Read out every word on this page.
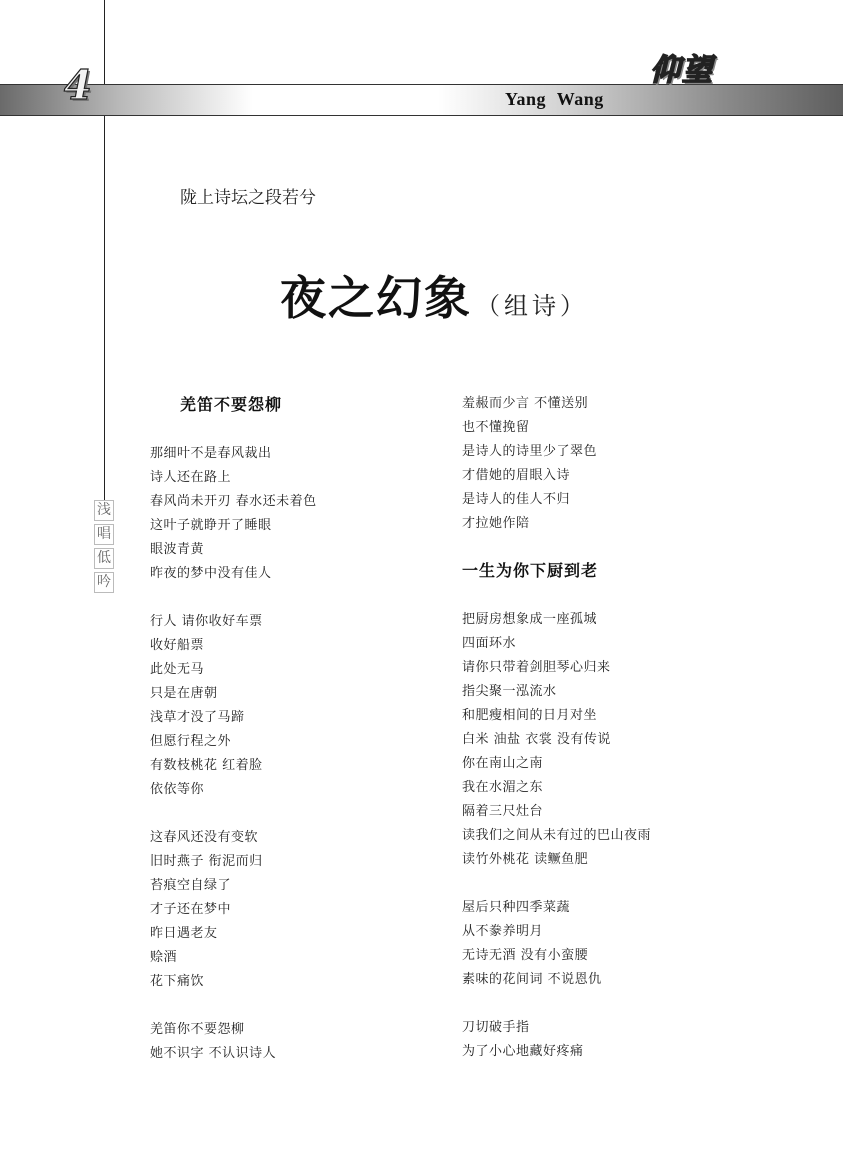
4	Yang Wang
仰望
陇上诗坛之段若兮
夜之幻象 （组诗）
浅
唱
低
吟
羌笛不要怨柳
那细叶不是春风裁出
诗人还在路上
春风尚未开刃 春水还未着色
这叶子就睁开了睡眼
眼波青黄
昨夜的梦中没有佳人
行人 请你收好车票
收好船票
此处无马
只是在唐朝
浅草才没了马蹄
但愿行程之外
有数枝桃花 红着脸
依依等你
这春风还没有变软
旧时燕子 衔泥而归
苔痕空自绿了
才子还在梦中
昨日遇老友
赊酒
花下痛饮
羌笛你不要怨柳
她不识字 不认识诗人
羞赧而少言 不懂送别
也不懂挽留
是诗人的诗里少了翠色
才借她的眉眼入诗
是诗人的佳人不归
才拉她作陪
一生为你下厨到老
把厨房想象成一座孤城
四面环水
请你只带着剑胆琴心归来
指尖聚一泓流水
和肥瘦相间的日月对坐
白米 油盐 衣裳 没有传说
你在南山之南
我在水湄之东
隔着三尺灶台
读我们之间从未有过的巴山夜雨
读竹外桃花 读鳜鱼肥
屋后只种四季菜蔬
从不豢养明月
无诗无酒 没有小蛮腰
素味的花间词 不说恩仇
刀切破手指
为了小心地藏好疼痛
